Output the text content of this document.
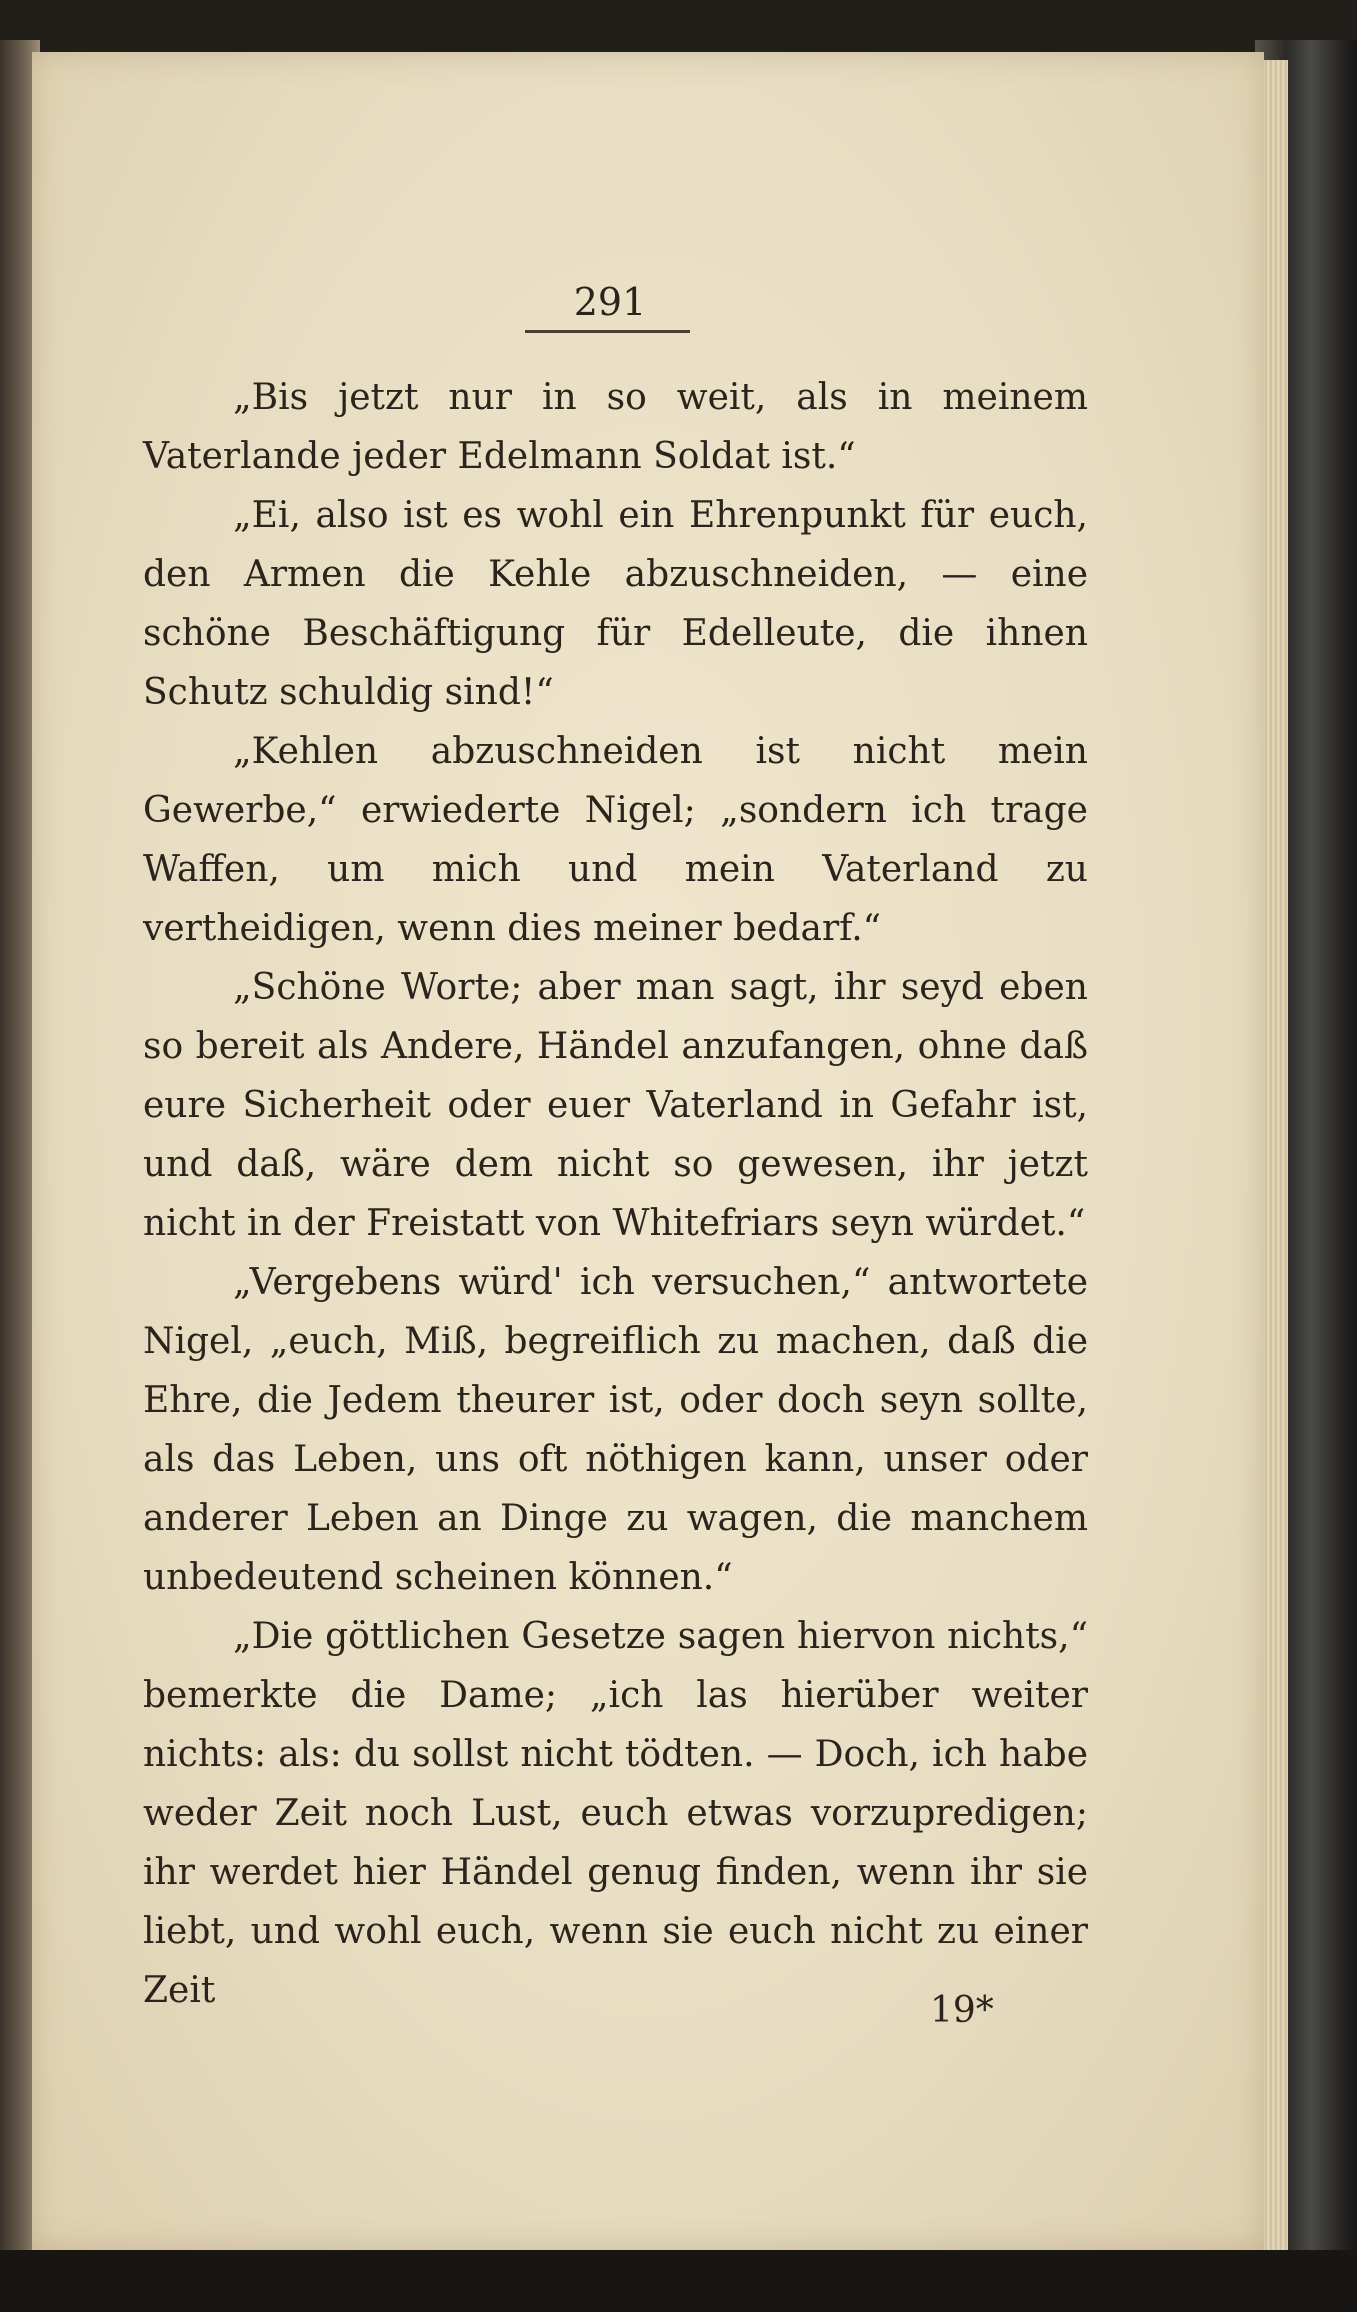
291

„Bis jetzt nur in so weit, als in meinem Vaterlande jeder Edelmann Soldat ist.“

„Ei, also ist es wohl ein Ehrenpunkt für euch, den Armen die Kehle abzuschneiden, — eine schöne Beschäftigung für Edelleute, die ihnen Schutz schuldig sind!“

„Kehlen abzuschneiden ist nicht mein Gewerbe,“ erwiederte Nigel; „sondern ich trage Waffen, um mich und mein Vaterland zu vertheidigen, wenn dies meiner bedarf.“

„Schöne Worte; aber man sagt, ihr seyd eben so bereit als Andere, Händel anzufangen, ohne daß eure Sicherheit oder euer Vaterland in Gefahr ist, und daß, wäre dem nicht so gewesen, ihr jetzt nicht in der Freistatt von Whitefriars seyn würdet.“

„Vergebens würd' ich versuchen,“ antwortete Nigel, „euch, Miß, begreiflich zu machen, daß die Ehre, die Jedem theurer ist, oder doch seyn sollte, als das Leben, uns oft nöthigen kann, unser oder anderer Leben an Dinge zu wagen, die manchem unbedeutend scheinen können.“

„Die göttlichen Gesetze sagen hiervon nichts,“ bemerkte die Dame; „ich las hierüber weiter nichts: als: du sollst nicht tödten. — Doch, ich habe weder Zeit noch Lust, euch etwas vorzupredigen; ihr werdet hier Händel genug finden, wenn ihr sie liebt, und wohl euch, wenn sie euch nicht zu einer Zeit	19*
